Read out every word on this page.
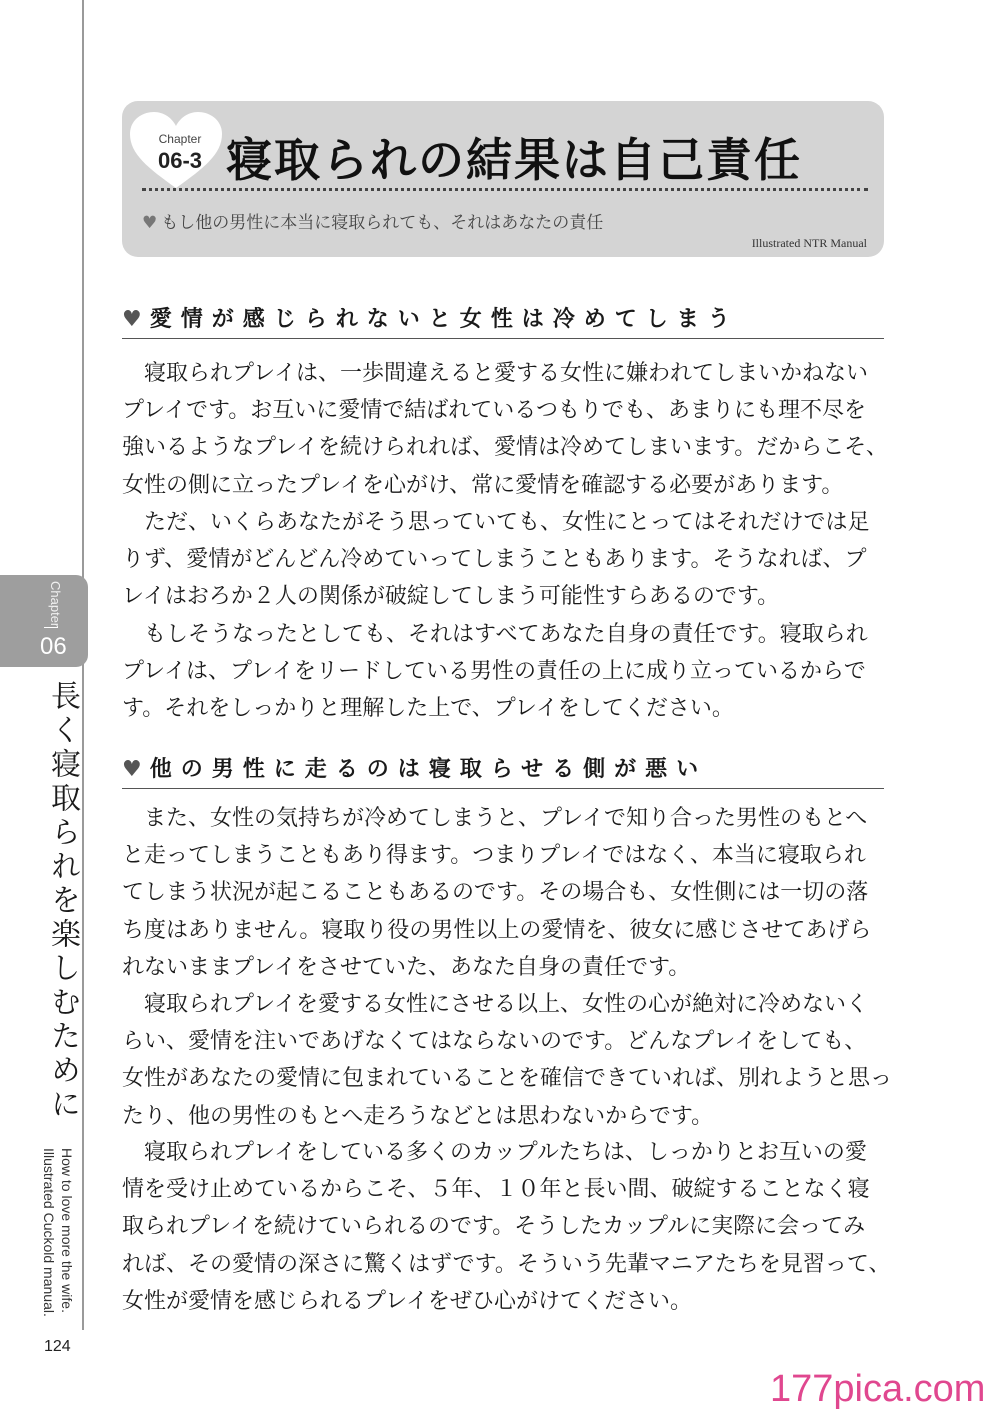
Chapter
06
長く寝取られを楽しむために
How to love more the wife.
Illustrated Cuckold manual.
124
Chapter
06-3 寝取られの結果は自己責任
♥ もし他の男性に本当に寝取られても、それはあなたの責任
Illustrated NTR Manual
♥ 愛情が感じられないと女性は冷めてしまう
　寝取られプレイは、一歩間違えると愛する女性に嫌われてしまいかねない
プレイです。お互いに愛情で結ばれているつもりでも、あまりにも理不尽を
強いるようなプレイを続けられれば、愛情は冷めてしまいます。だからこそ、
女性の側に立ったプレイを心がけ、常に愛情を確認する必要があります。
　ただ、いくらあなたがそう思っていても、女性にとってはそれだけでは足
りず、愛情がどんどん冷めていってしまうこともあります。そうなれば、プ
レイはおろか２人の関係が破綻してしまう可能性すらあるのです。
　もしそうなったとしても、それはすべてあなた自身の責任です。寝取られ
プレイは、プレイをリードしている男性の責任の上に成り立っているからで
す。それをしっかりと理解した上で、プレイをしてください。
♥ 他の男性に走るのは寝取らせる側が悪い
　また、女性の気持ちが冷めてしまうと、プレイで知り合った男性のもとへ
と走ってしまうこともあり得ます。つまりプレイではなく、本当に寝取られ
てしまう状況が起こることもあるのです。その場合も、女性側には一切の落
ち度はありません。寝取り役の男性以上の愛情を、彼女に感じさせてあげら
れないままプレイをさせていた、あなた自身の責任です。
　寝取られプレイを愛する女性にさせる以上、女性の心が絶対に冷めないく
らい、愛情を注いであげなくてはならないのです。どんなプレイをしても、
女性があなたの愛情に包まれていることを確信できていれば、別れようと思っ
たり、他の男性のもとへ走ろうなどとは思わないからです。
　寝取られプレイをしている多くのカップルたちは、しっかりとお互いの愛
情を受け止めているからこそ、５年、１０年と長い間、破綻することなく寝
取られプレイを続けていられるのです。そうしたカップルに実際に会ってみ
れば、その愛情の深さに驚くはずです。そういう先輩マニアたちを見習って、
女性が愛情を感じられるプレイをぜひ心がけてください。
177pica.com
